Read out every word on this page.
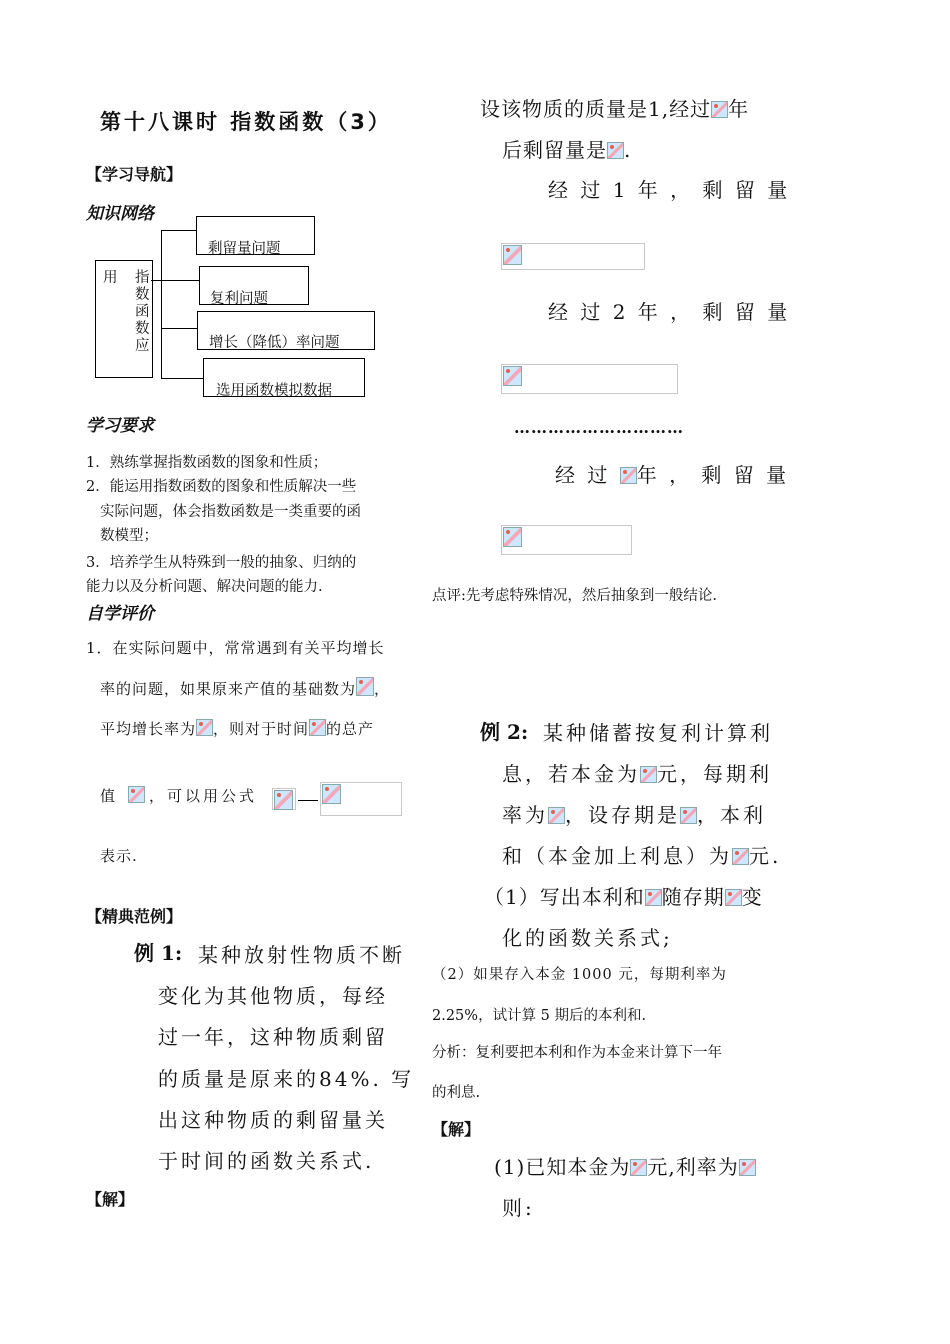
第十八课时 指数函数（3）
【学习导航】
知识网络
用 指
数
函
数
应
剩留量问题
复利问题
增长（降低）率问题
选用函数模拟数据
学习要求
1．熟练掌握指数函数的图象和性质；
2．能运用指数函数的图象和性质解决一些
实际问题，体会指数函数是一类重要的函
数模型；
3．培养学生从特殊到一般的抽象、归纳的
能力以及分析问题、解决问题的能力.
自学评价
1．在实际问题中，常常遇到有关平均增长
率的问题，如果原来产值的基础数为 ，
平均增长率为 ，则对于时间 的总产
值 ，可以用公式
表示.
【精典范例】
例 1: 某种放射性物质不断
变化为其他物质，每经
过一年，这种物质剩留
的质量是原来的84%. 写
出这种物质的剩留量关
于时间的函数关系式.
【解】
设该物质的质量是1,经过 年
后剩留量是 .
经 过 1 年 ， 剩 留 量
经 过 2 年 ， 剩 留 量
…………………………
经 过 年 ， 剩 留 量
点评:先考虑特殊情况，然后抽象到一般结论.
例 2: 某种储蓄按复利计算利
息，若本金为 元，每期利
率为 ，设存期是 ，本利
和（本金加上利息）为 元.
（1）写出本利和 随存期 变
化的函数关系式;
（2）如果存入本金 1000 元，每期利率为
2.25%，试计算 5 期后的本利和.
分析：复利要把本利和作为本金来计算下一年
的利息.
【解】
(1)已知本金为 元,利率为
则:
